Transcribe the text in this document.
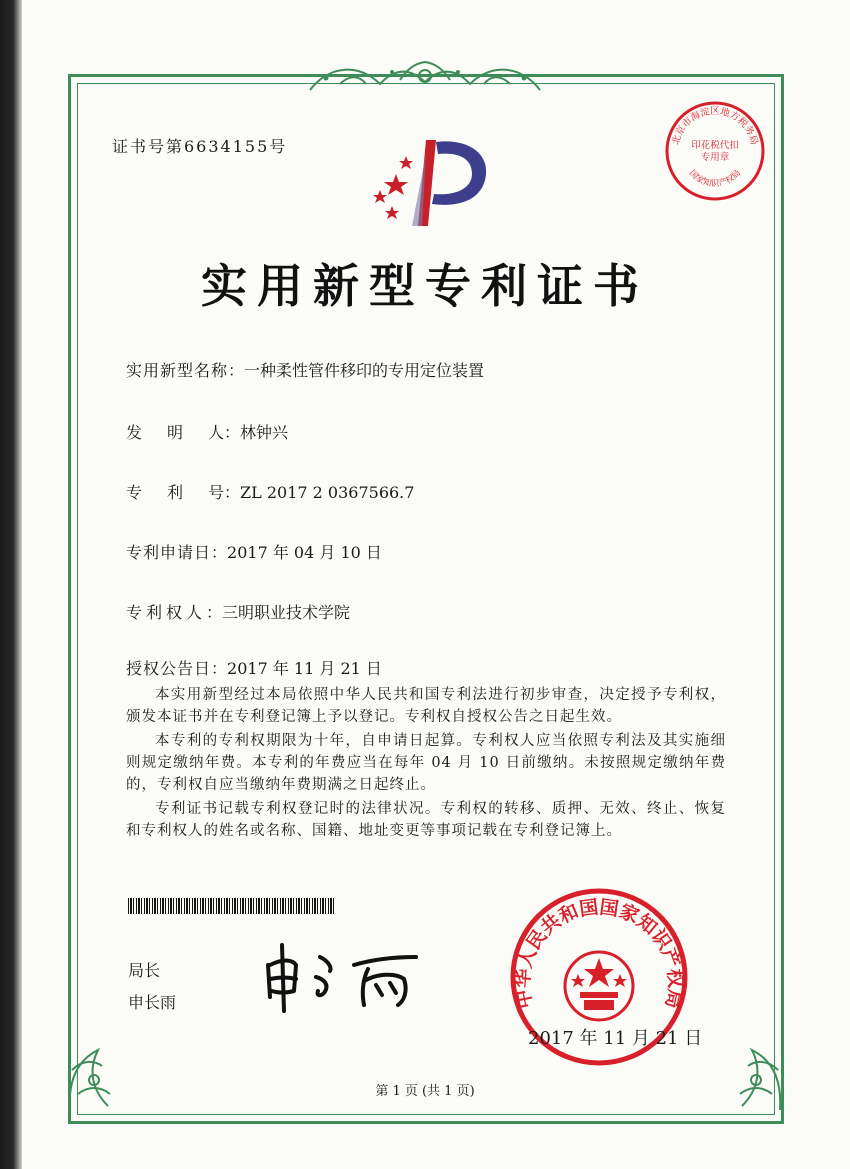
证书号第6634155号	北京市海淀区地方税务局
印花税代扣专用章
国家知识产权局
实用新型专利证书
实用新型名称：一种柔性管件移印的专用定位装置
发 明 人 ：林钟兴
专 利 号 ：ZL 2017 2 0367566.7
专利申请日：2017 年 04 月 10 日
专利权人：三明职业技术学院
授权公告日：2017 年 11 月 21 日

本实用新型经过本局依照中华人民共和国专利法进行初步审查，决定授予专利权，颁发本证书并在专利登记簿上予以登记。专利权自授权公告之日起生效。

本专利的专利权期限为十年，自申请日起算。专利权人应当依照专利法及其实施细则规定缴纳年费。本专利的年费应当在每年 04 月 10 日前缴纳。未按照规定缴纳年费的，专利权自应当缴纳年费期满之日起终止。

专利证书记载专利权登记时的法律状况。专利权的转移、质押、无效、终止、恢复和专利权人的姓名或名称、国籍、地址变更等事项记载在专利登记簿上。

局长
申长雨	中华人民共和国国家知识产权局
2017 年 11 月 21 日
第 1 页 (共 1 页)
